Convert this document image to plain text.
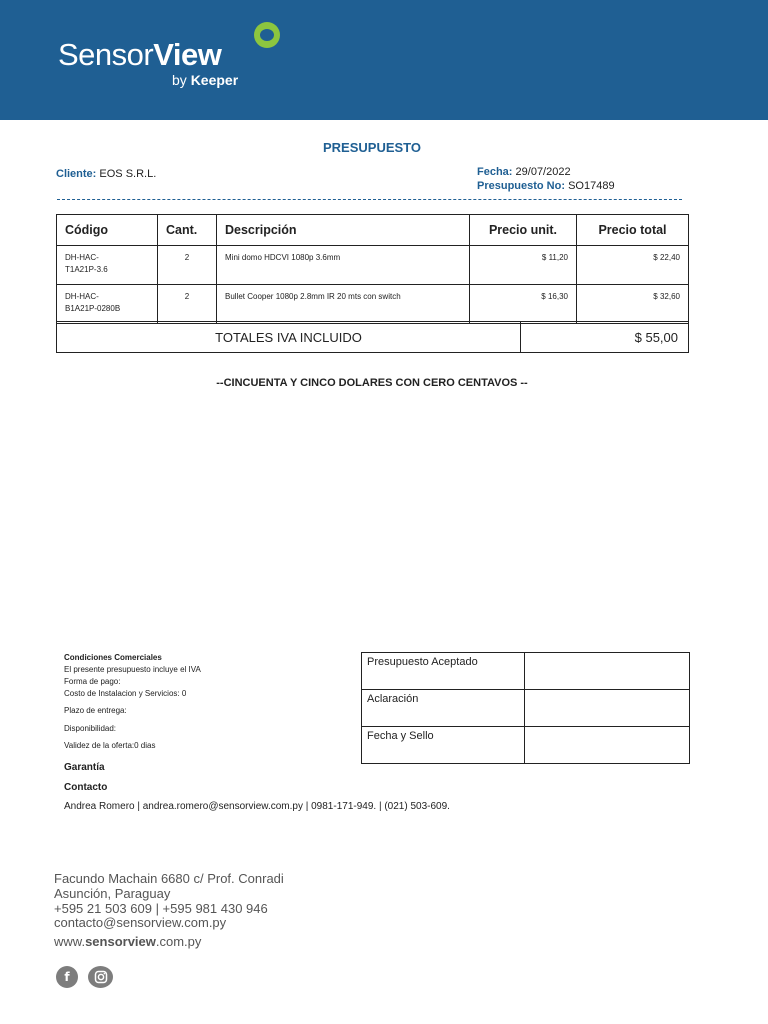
SensorView
by Keeper
PRESUPUESTO
Cliente: EOS S.R.L.	Fecha: 29/07/2022
Presupuesto No: SO17489
Código	Cant.	Descripción	Precio unit.	Precio total
DH-HAC-
T1A21P-3.6	2	Mini domo HDCVI 1080p 3.6mm	$ 11,20	$ 22,40
DH-HAC-
B1A21P-0280B	2	Bullet Cooper 1080p 2.8mm IR 20 mts con switch	$ 16,30	$ 32,60
TOTALES IVA INCLUIDO	$ 55,00
--CINCUENTA Y CINCO DOLARES CON CERO CENTAVOS --
Condiciones Comerciales
El presente presupuesto incluye el IVA
Forma de pago:
Costo de Instalacion y Servicios: 0
Plazo de entrega:
Disponibilidad:
Validez de la oferta:0 dias
Presupuesto Aceptado	
Aclaración	
Fecha y Sello	
Garantía
Contacto
Andrea Romero | andrea.romero@sensorview.com.py | 0981-171-949. | (021) 503-609.
Facundo Machain 6680 c/ Prof. Conradi
Asunción, Paraguay
+595 21 503 609 | +595 981 430 946
contacto@sensorview.com.py
www.sensorview.com.py
f
